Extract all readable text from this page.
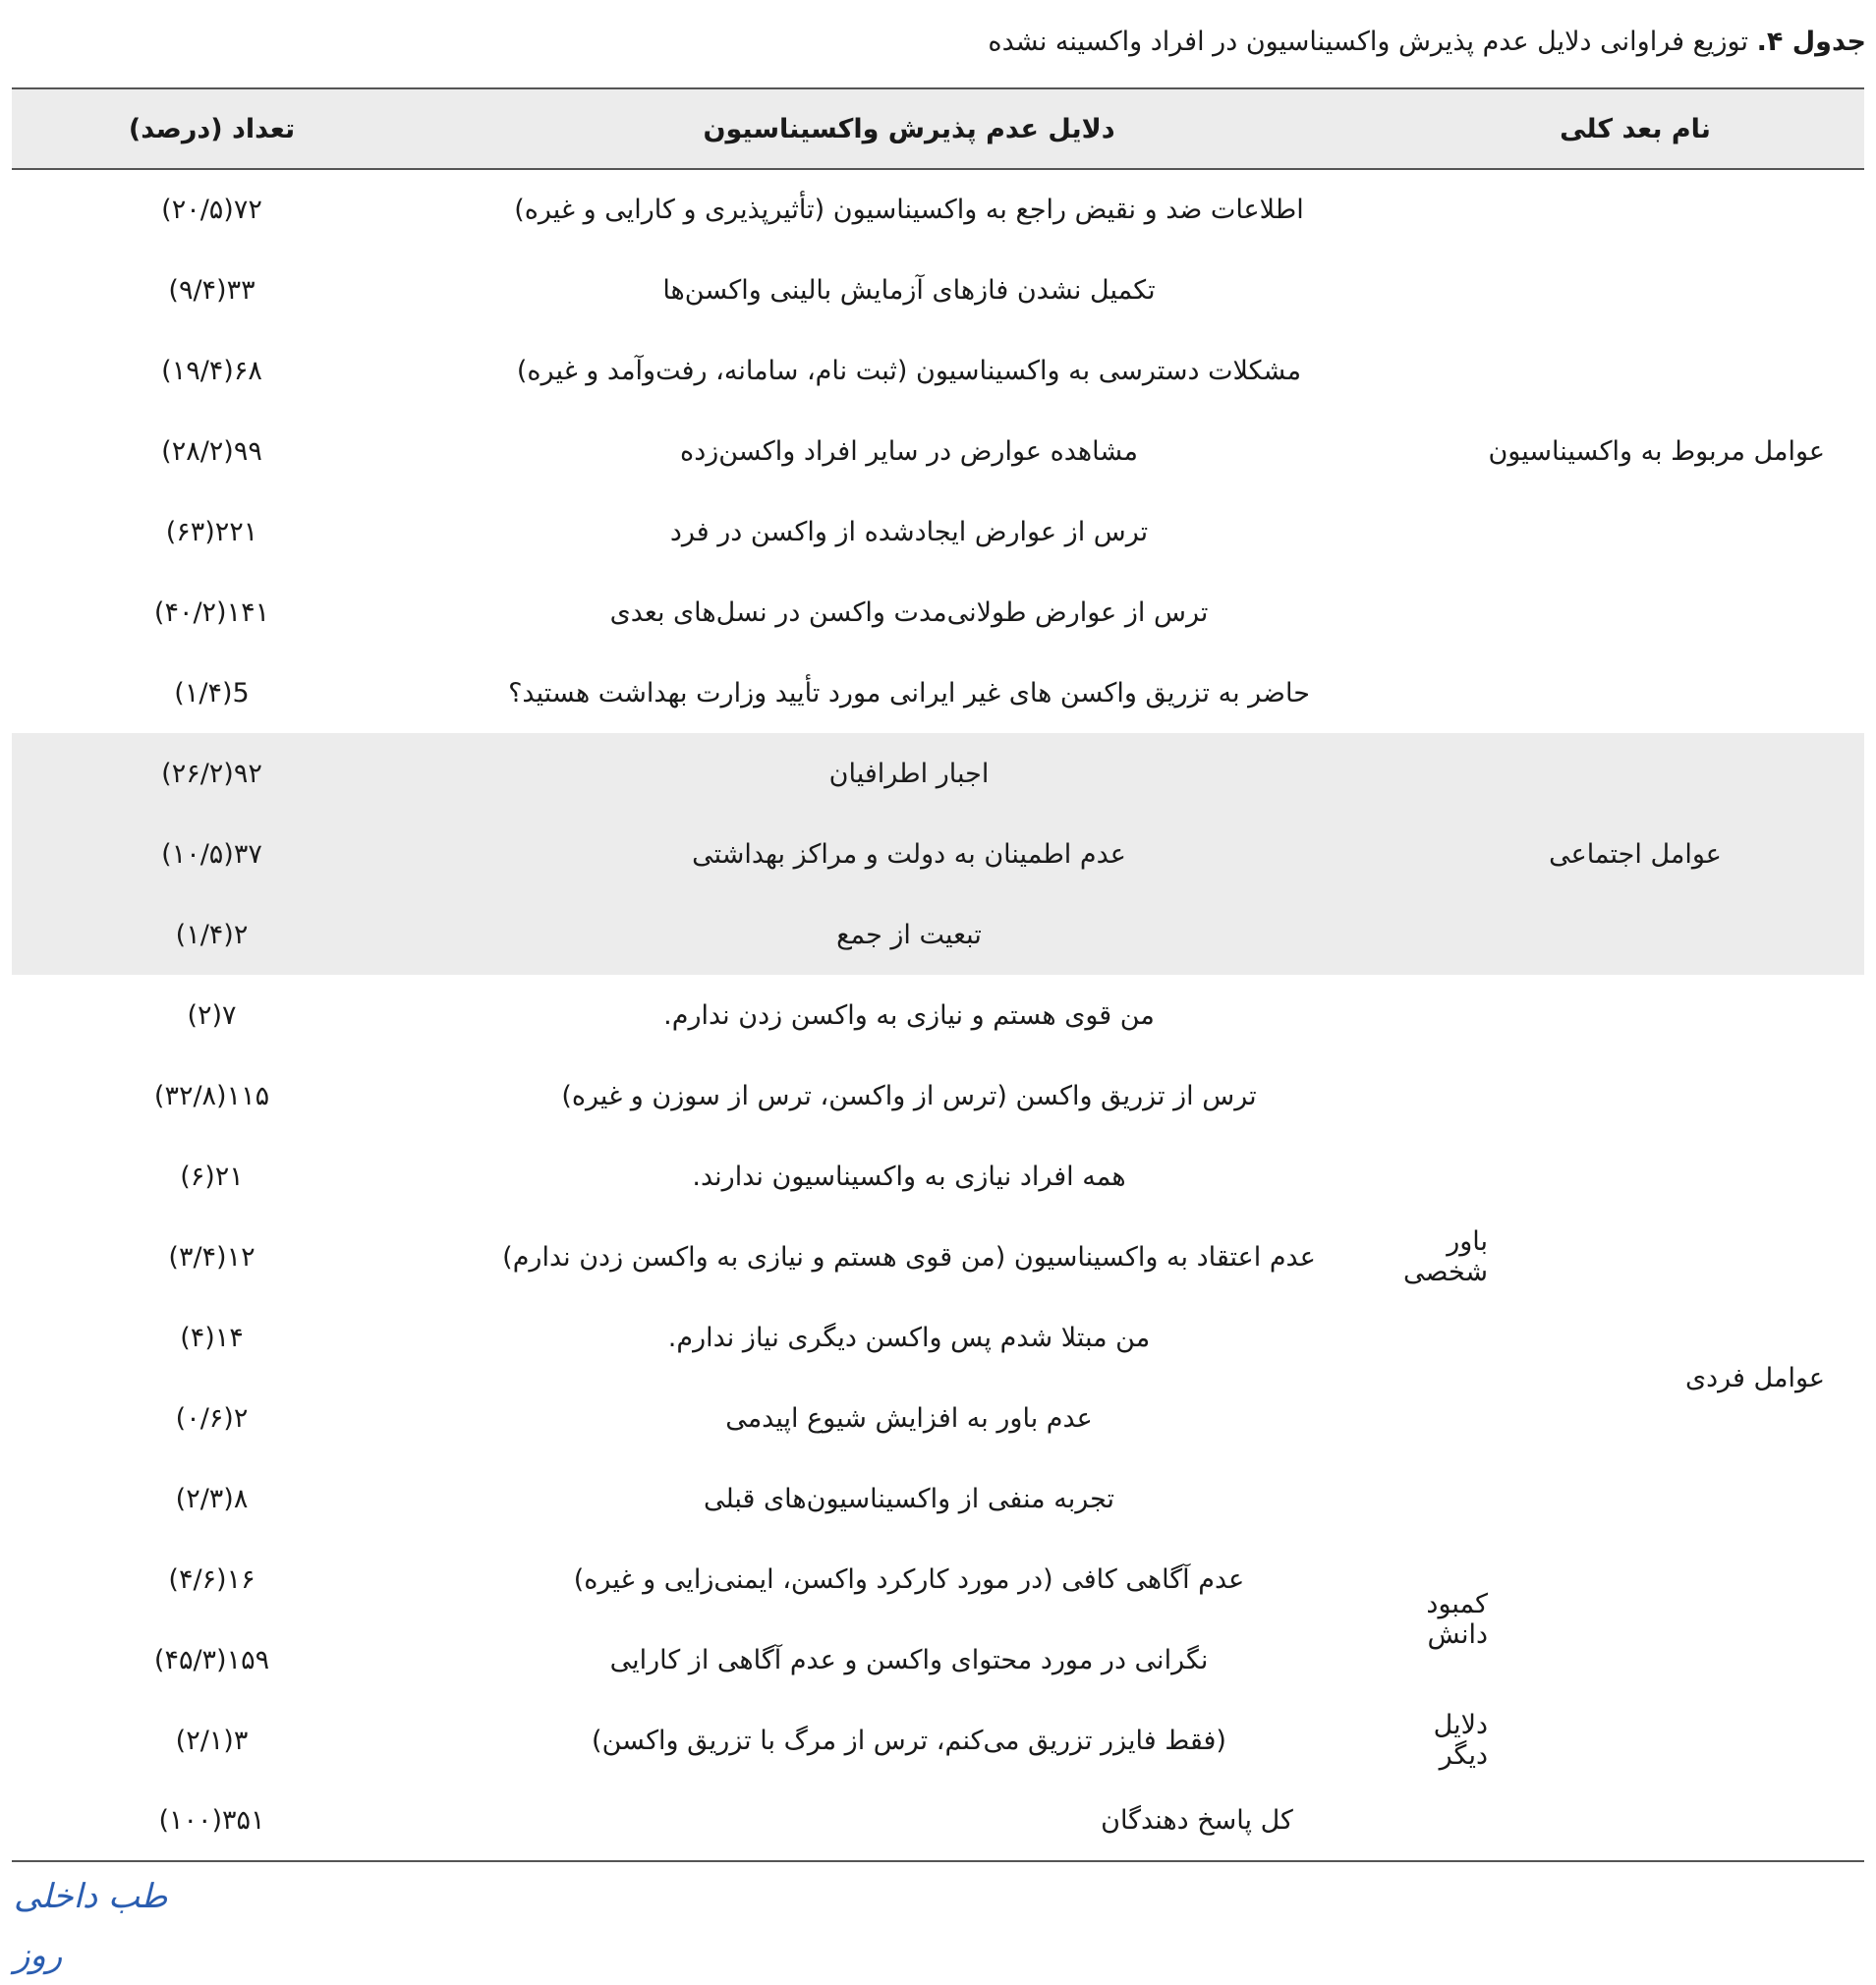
جدول ۴. توزیع فراوانی دلایل عدم پذیرش واکسیناسیون در افراد واکسینه نشده
نام بعد کلی		دلایل عدم پذیرش واکسیناسیون	تعداد (درصد)
عوامل مربوط به واکسیناسیون		اطلاعات ضد و نقیض راجع به واکسیناسیون (تأثیرپذیری و کارایی و غیره)	۷۲(۲۰/۵)
		تکمیل نشدن فازهای آزمایش بالینی واکسن‌ها	۳۳(۹/۴)
		مشکلات دسترسی به واکسیناسیون (ثبت نام، سامانه، رفت‌وآمد و غیره)	۶۸(۱۹/۴)
		مشاهده عوارض در سایر افراد واکسن‌زده	۹۹(۲۸/۲)
		ترس از عوارض ایجادشده از واکسن در فرد	۲۲۱(۶۳)
		ترس از عوارض طولانی‌مدت واکسن در نسل‌های بعدی	۱۴۱(۴۰/۲)
		حاضر به تزریق واکسن های غیر ایرانی مورد تأیید وزارت بهداشت هستید؟	5(۱/۴)
عوامل اجتماعی		اجبار اطرافیان	۹۲(۲۶/۲)
		عدم اطمینان به دولت و مراکز بهداشتی	۳۷(۱۰/۵)
		تبعیت از جمع	۲(۱/۴)
عوامل فردی	باور شخصی	من قوی هستم و نیازی به واکسن زدن ندارم.	۷(۲)
		ترس از تزریق واکسن (ترس از واکسن، ترس از سوزن و غیره)	۱۱۵(۳۲/۸)
		همه افراد نیازی به واکسیناسیون ندارند.	۲۱(۶)
		عدم اعتقاد به واکسیناسیون (من قوی هستم و نیازی به واکسن زدن ندارم)	۱۲(۳/۴)
		من مبتلا شدم پس واکسن دیگری نیاز ندارم.	۱۴(۴)
		عدم باور به افزایش شیوع اپیدمی	۲(۰/۶)
		تجربه منفی از واکسیناسیون‌های قبلی	۸(۲/۳)
	کمبود دانش	عدم آگاهی کافی (در مورد کارکرد واکسن، ایمنی‌زایی و غیره)	۱۶(۴/۶)
		نگرانی در مورد محتوای واکسن و عدم آگاهی از کارایی	۱۵۹(۴۵/۳)
	دلایل دیگر	(فقط فایزر تزریق می‌کنم، ترس از مرگ با تزریق واکسن)	۳(۲/۱)
کل پاسخ دهندگان			۳۵۱(۱۰۰)
طب داخلی روز
